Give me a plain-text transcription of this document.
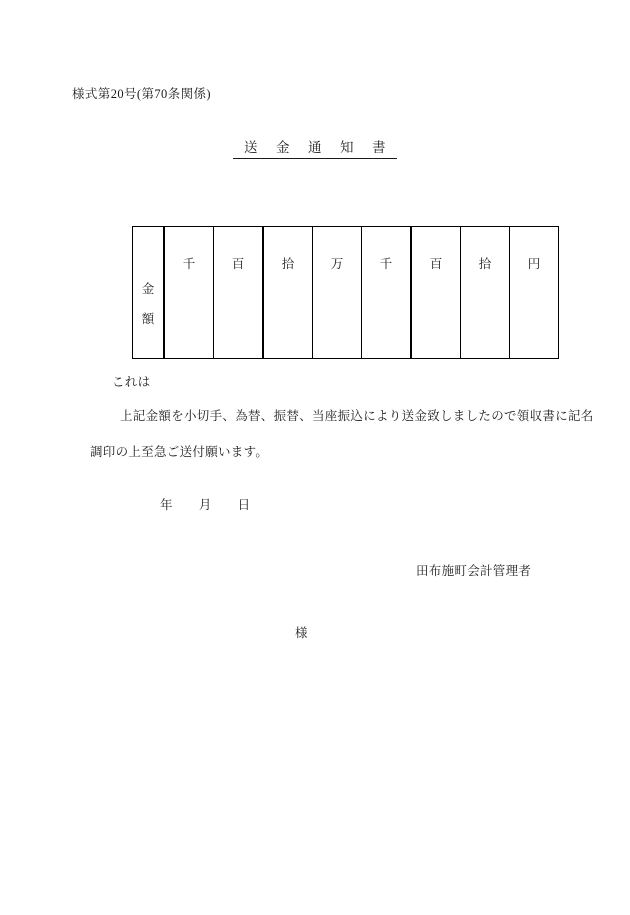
様式第20号(第70条関係)
送 金 通 知 書
金
額
	千	百	拾	万	千	百	拾	円
これは
上記金額を小切手、為替、振替、当座振込により送金致しましたので領収書に記名
調印の上至急ご送付願います。
年 月 日
田布施町会計管理者
様
